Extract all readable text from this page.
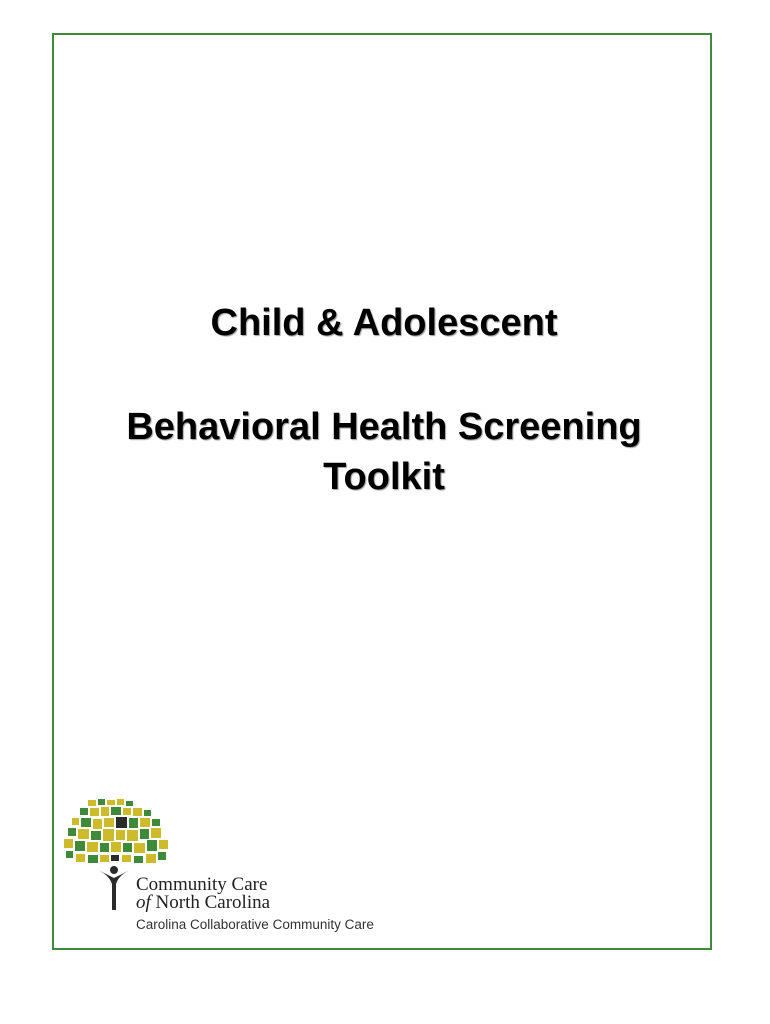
Child & Adolescent
Behavioral Health Screening
Toolkit
Community Care
of North Carolina
Carolina Collaborative Community Care
